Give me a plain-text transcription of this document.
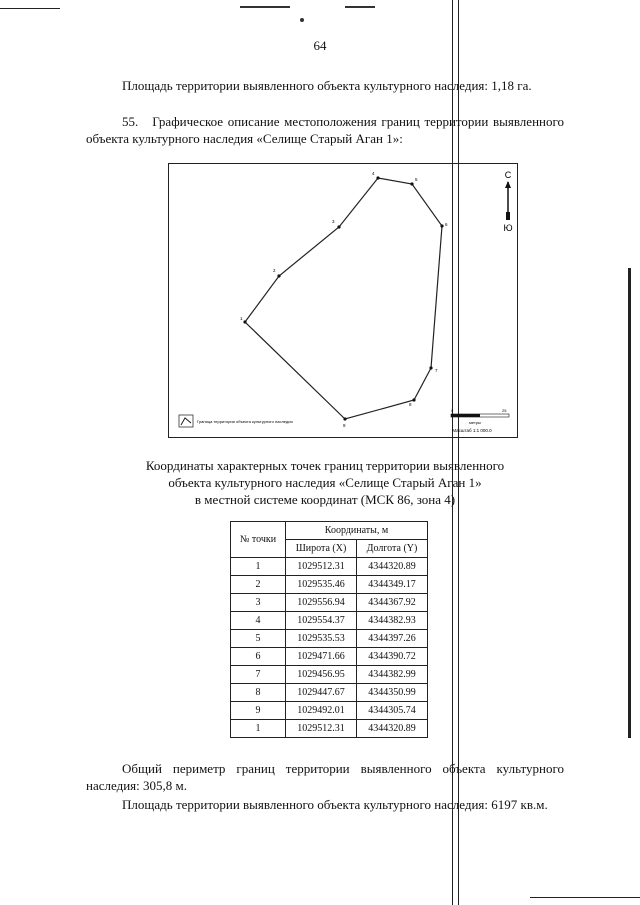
64
Площадь территории выявленного объекта культурного наследия: 1,18 га.
55.   Графическое описание местоположения границ территории выявленного объекта культурного наследия «Селище Старый Аган 1»:
1
2
3
4
5
6
7
8
9
С
Ю
Граница территории объекта культурного наследия
0	25
метры
Масштаб 1:1 000.0
Координаты характерных точек границ территории выявленного
объекта культурного наследия «Селище Старый Аган 1»
в местной системе координат (МСК 86, зона 4)
№ точки	Координаты, м	
	Широта (X)	Долгота (Y)
1	1029512.31	4344320.89
2	1029535.46	4344349.17
3	1029556.94	4344367.92
4	1029554.37	4344382.93
5	1029535.53	4344397.26
6	1029471.66	4344390.72
7	1029456.95	4344382.99
8	1029447.67	4344350.99
9	1029492.01	4344305.74
1	1029512.31	4344320.89
Общий периметр границ территории выявленного объекта культурного наследия: 305,8 м.
Площадь территории выявленного объекта культурного наследия: 6197 кв.м.
